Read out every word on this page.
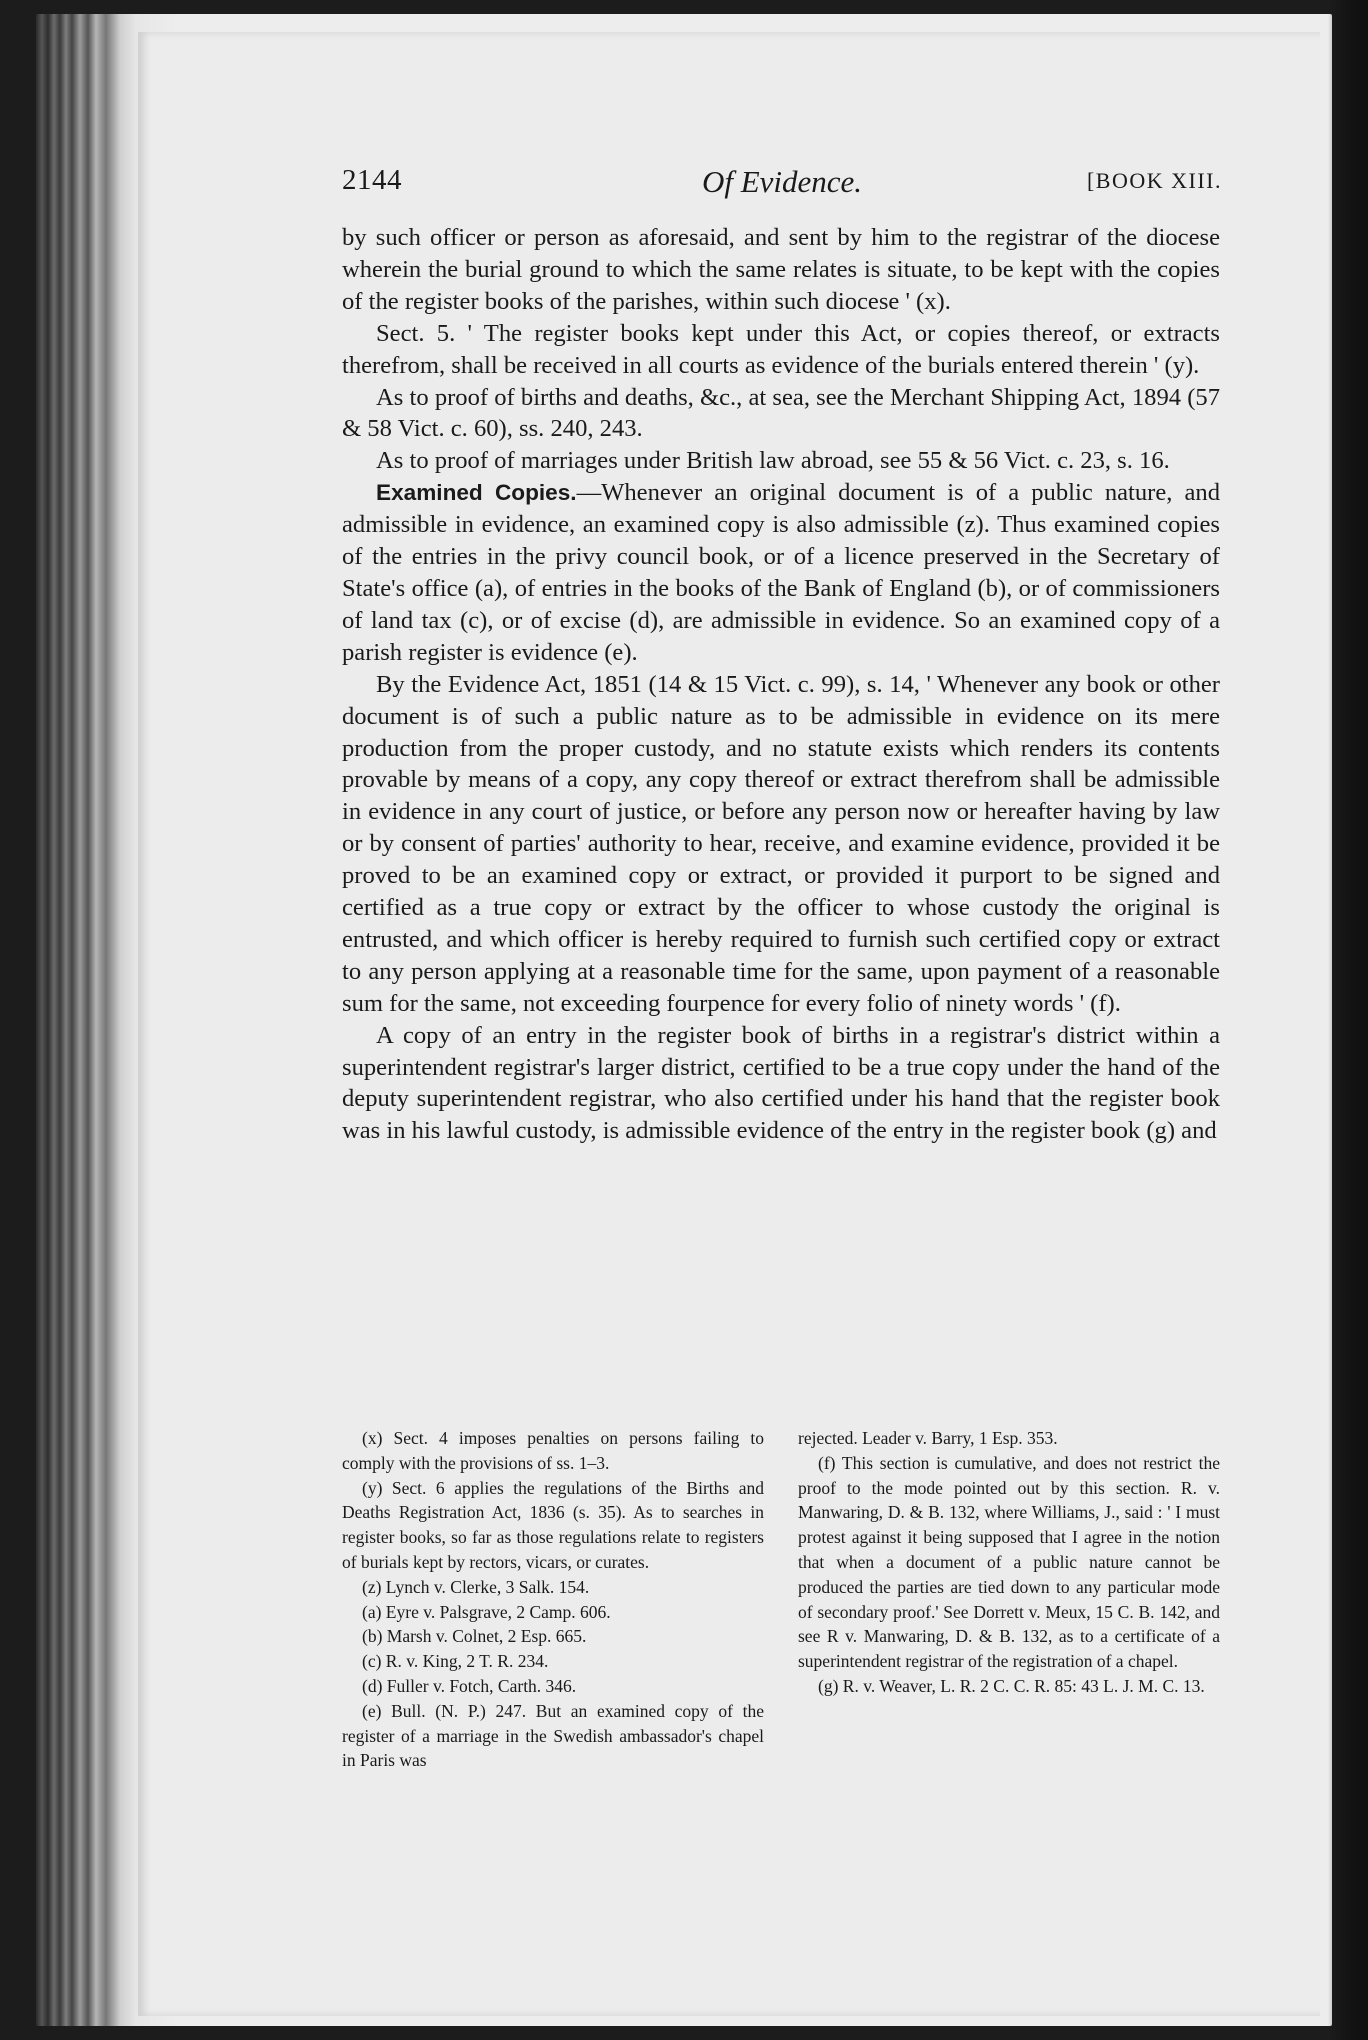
2144	Of Evidence.	[BOOK XIII.

by such officer or person as aforesaid, and sent by him to the registrar of the diocese wherein the burial ground to which the same relates is situate, to be kept with the copies of the register books of the parishes, within such diocese ' (x).

Sect. 5. ' The register books kept under this Act, or copies thereof, or extracts therefrom, shall be received in all courts as evidence of the burials entered therein ' (y).

As to proof of births and deaths, &c., at sea, see the Merchant Shipping Act, 1894 (57 & 58 Vict. c. 60), ss. 240, 243.

As to proof of marriages under British law abroad, see 55 & 56 Vict. c. 23, s. 16.

Examined Copies.—Whenever an original document is of a public nature, and admissible in evidence, an examined copy is also admissible (z). Thus examined copies of the entries in the privy council book, or of a licence preserved in the Secretary of State's office (a), of entries in the books of the Bank of England (b), or of commissioners of land tax (c), or of excise (d), are admissible in evidence. So an examined copy of a parish register is evidence (e).

By the Evidence Act, 1851 (14 & 15 Vict. c. 99), s. 14, ' Whenever any book or other document is of such a public nature as to be admissible in evidence on its mere production from the proper custody, and no statute exists which renders its contents provable by means of a copy, any copy thereof or extract therefrom shall be admissible in evidence in any court of justice, or before any person now or hereafter having by law or by consent of parties' authority to hear, receive, and examine evidence, provided it be proved to be an examined copy or extract, or provided it purport to be signed and certified as a true copy or extract by the officer to whose custody the original is entrusted, and which officer is hereby required to furnish such certified copy or extract to any person applying at a reasonable time for the same, upon payment of a reasonable sum for the same, not exceeding fourpence for every folio of ninety words ' (f).

A copy of an entry in the register book of births in a registrar's district within a superintendent registrar's larger district, certified to be a true copy under the hand of the deputy superintendent registrar, who also certified under his hand that the register book was in his lawful custody, is admissible evidence of the entry in the register book (g) and

(x) Sect. 4 imposes penalties on persons failing to comply with the provisions of ss. 1–3.

(y) Sect. 6 applies the regulations of the Births and Deaths Registration Act, 1836 (s. 35). As to searches in register books, so far as those regulations relate to registers of burials kept by rectors, vicars, or curates.

(z) Lynch v. Clerke, 3 Salk. 154.

(a) Eyre v. Palsgrave, 2 Camp. 606.

(b) Marsh v. Colnet, 2 Esp. 665.

(c) R. v. King, 2 T. R. 234.

(d) Fuller v. Fotch, Carth. 346.

(e) Bull. (N. P.) 247. But an examined copy of the register of a marriage in the Swedish ambassador's chapel in Paris was

rejected. Leader v. Barry, 1 Esp. 353.

(f) This section is cumulative, and does not restrict the proof to the mode pointed out by this section. R. v. Manwaring, D. & B. 132, where Williams, J., said : ' I must protest against it being supposed that I agree in the notion that when a document of a public nature cannot be produced the parties are tied down to any particular mode of secondary proof.' See Dorrett v. Meux, 15 C. B. 142, and see R v. Manwaring, D. & B. 132, as to a certificate of a superintendent registrar of the registration of a chapel.

(g) R. v. Weaver, L. R. 2 C. C. R. 85: 43 L. J. M. C. 13.
